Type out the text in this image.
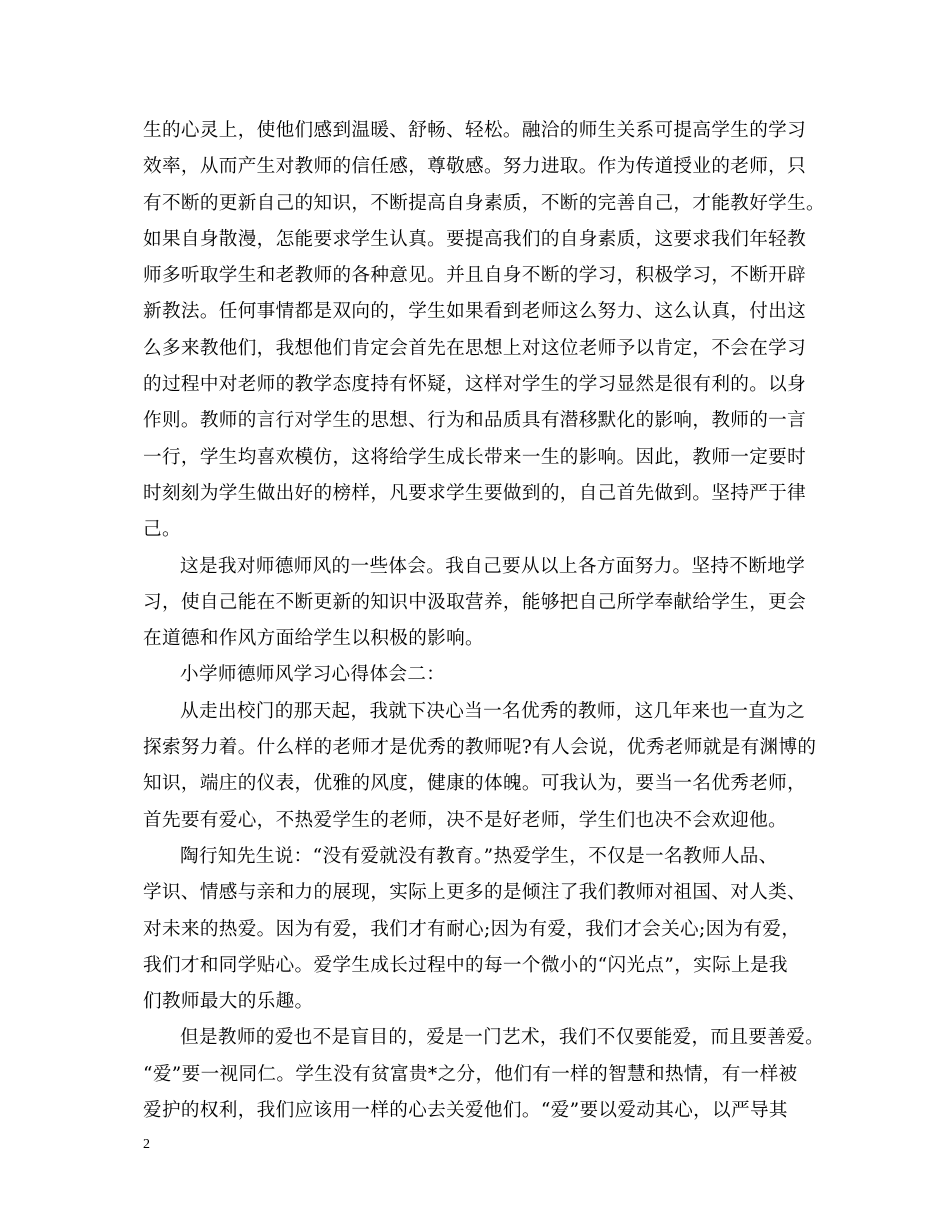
生的心灵上，使他们感到温暖、舒畅、轻松。融洽的师生关系可提高学生的学习
效率，从而产生对教师的信任感，尊敬感。努力进取。作为传道授业的老师，只
有不断的更新自己的知识，不断提高自身素质，不断的完善自己，才能教好学生。
如果自身散漫，怎能要求学生认真。要提高我们的自身素质，这要求我们年轻教
师多听取学生和老教师的各种意见。并且自身不断的学习，积极学习，不断开辟
新教法。任何事情都是双向的，学生如果看到老师这么努力、这么认真，付出这
么多来教他们，我想他们肯定会首先在思想上对这位老师予以肯定，不会在学习
的过程中对老师的教学态度持有怀疑，这样对学生的学习显然是很有利的。以身
作则。教师的言行对学生的思想、行为和品质具有潜移默化的影响，教师的一言
一行，学生均喜欢模仿，这将给学生成长带来一生的影响。因此，教师一定要时
时刻刻为学生做出好的榜样，凡要求学生要做到的，自己首先做到。坚持严于律
己。
这是我对师德师风的一些体会。我自己要从以上各方面努力。坚持不断地学
习，使自己能在不断更新的知识中汲取营养，能够把自己所学奉献给学生，更会
在道德和作风方面给学生以积极的影响。
小学师德师风学习心得体会二：
从走出校门的那天起，我就下决心当一名优秀的教师，这几年来也一直为之
探索努力着。什么样的老师才是优秀的教师呢?有人会说，优秀老师就是有渊博的
知识，端庄的仪表，优雅的风度，健康的体魄。可我认为，要当一名优秀老师，
首先要有爱心，不热爱学生的老师，决不是好老师，学生们也决不会欢迎他。
陶行知先生说：“没有爱就没有教育。”热爱学生，不仅是一名教师人品、
学识、情感与亲和力的展现，实际上更多的是倾注了我们教师对祖国、对人类、
对未来的热爱。因为有爱，我们才有耐心;因为有爱，我们才会关心;因为有爱，
我们才和同学贴心。爱学生成长过程中的每一个微小的“闪光点”，实际上是我
们教师最大的乐趣。
但是教师的爱也不是盲目的，爱是一门艺术，我们不仅要能爱，而且要善爱。
“爱”要一视同仁。学生没有贫富贵*之分，他们有一样的智慧和热情，有一样被
爱护的权利，我们应该用一样的心去关爱他们。“爱”要以爱动其心，以严导其
2
